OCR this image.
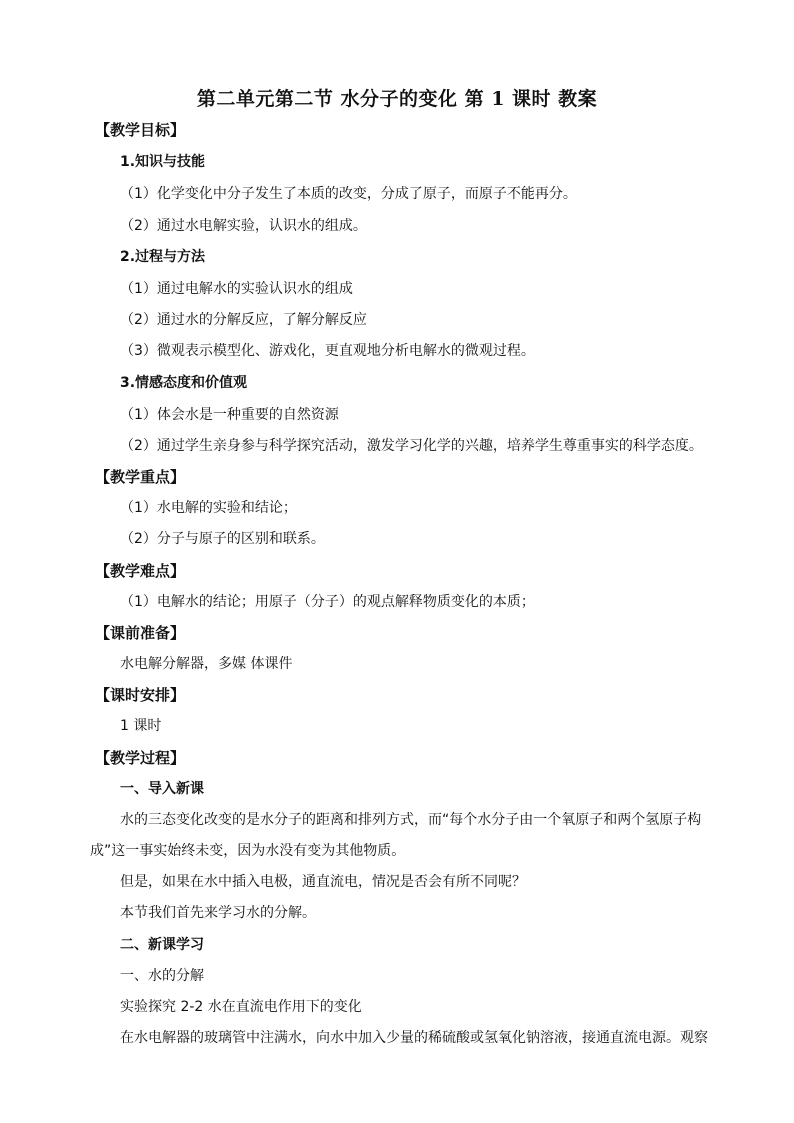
第二单元第二节 水分子的变化 第 1 课时 教案
【教学目标】
1.知识与技能
（1）化学变化中分子发生了本质的改变，分成了原子，而原子不能再分。
（2）通过水电解实验，认识水的组成。
2.过程与方法
（1）通过电解水的实验认识水的组成
（2）通过水的分解反应，了解分解反应
（3）微观表示模型化、游戏化，更直观地分析电解水的微观过程。
3.情感态度和价值观
（1）体会水是一种重要的自然资源
（2）通过学生亲身参与科学探究活动，激发学习化学的兴趣，培养学生尊重事实的科学态度。
【教学重点】
（1）水电解的实验和结论；
（2）分子与原子的区别和联系。
【教学难点】
（1）电解水的结论；用原子（分子）的观点解释物质变化的本质；
【课前准备】
水电解分解器，多媒 体课件
【课时安排】
1 课时
【教学过程】
一、导入新课
水的三态变化改变的是水分子的距离和排列方式，而“每个水分子由一个氧原子和两个氢原子构
成”这一事实始终未变，因为水没有变为其他物质。
但是，如果在水中插入电极，通直流电，情况是否会有所不同呢？
本节我们首先来学习水的分解。
二、新课学习
一、水的分解
实验探究 2-2 水在直流电作用下的变化
在水电解器的玻璃管中注满水，向水中加入少量的稀硫酸或氢氧化钠溶液，接通直流电源。观察
